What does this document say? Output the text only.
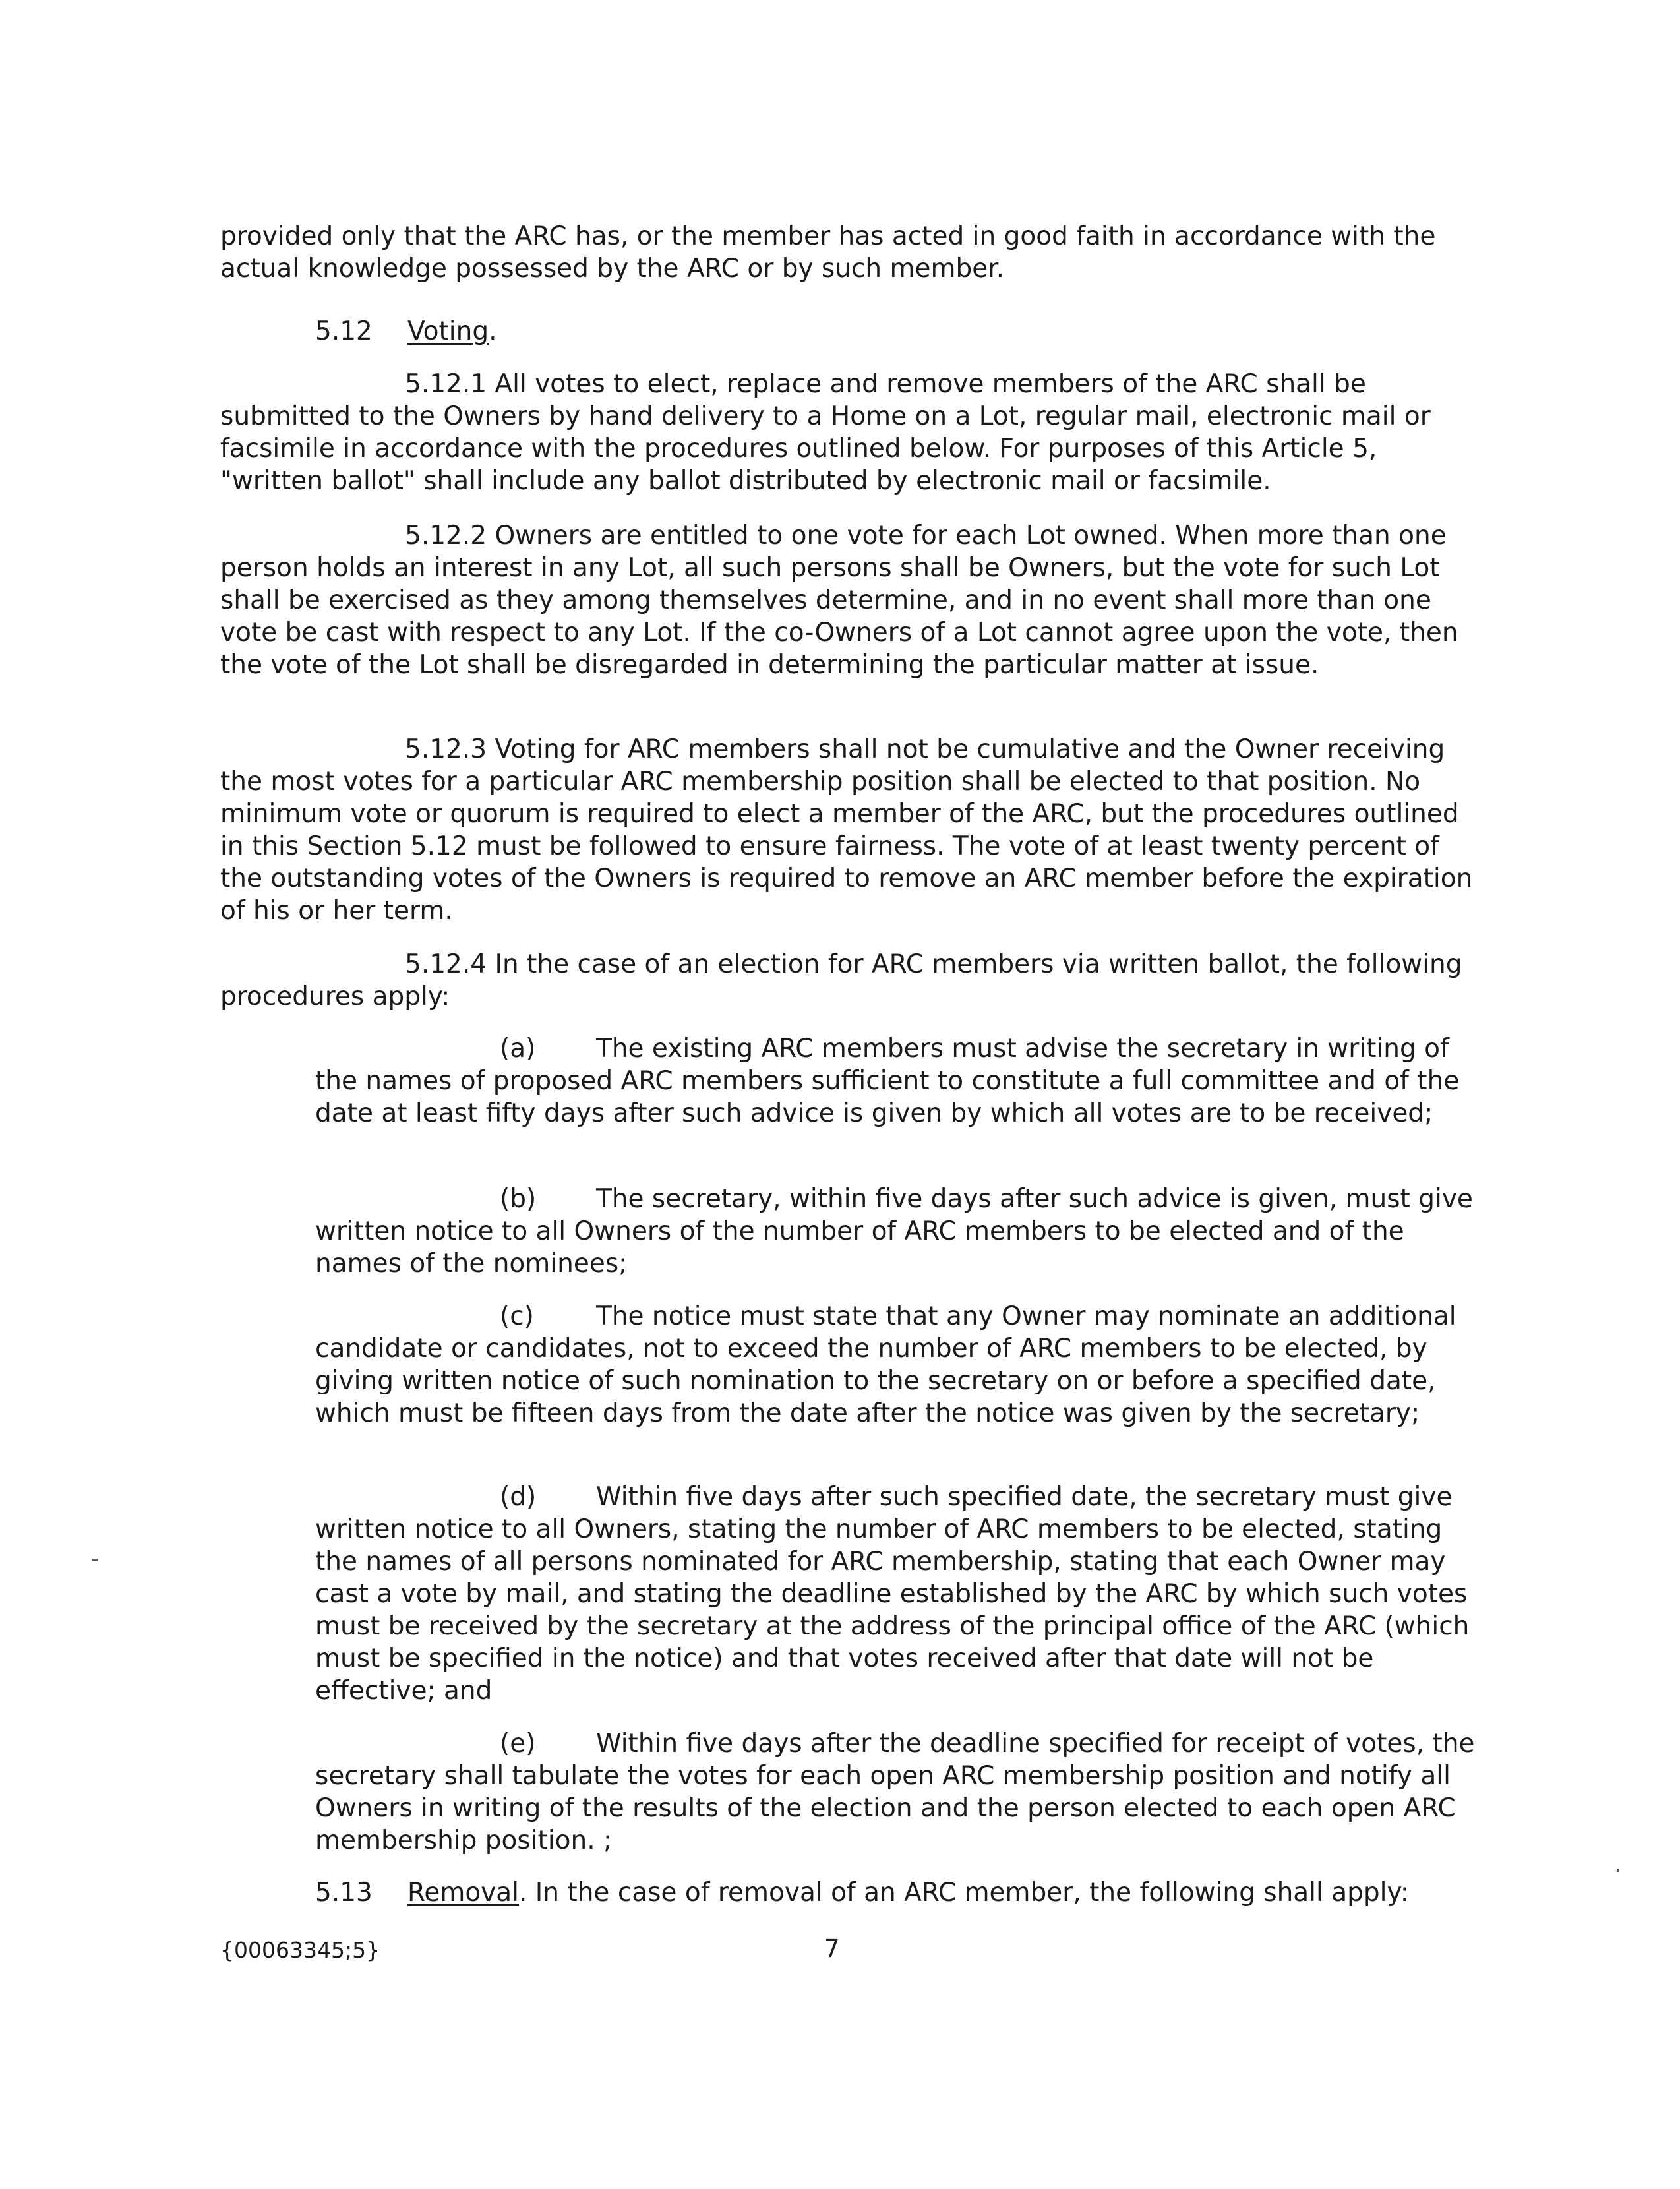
provided only that the ARC has, or the member has acted in good faith in accordance with the actual knowledge possessed by the ARC or by such member.

5.12 Voting.

5.12.1 All votes to elect, replace and remove members of the ARC shall be submitted to the Owners by hand delivery to a Home on a Lot, regular mail, electronic mail or facsimile in accordance with the procedures outlined below. For purposes of this Article 5, "written ballot" shall include any ballot distributed by electronic mail or facsimile.

5.12.2 Owners are entitled to one vote for each Lot owned. When more than one person holds an interest in any Lot, all such persons shall be Owners, but the vote for such Lot shall be exercised as they among themselves determine, and in no event shall more than one vote be cast with respect to any Lot. If the co-Owners of a Lot cannot agree upon the vote, then the vote of the Lot shall be disregarded in determining the particular matter at issue.

5.12.3 Voting for ARC members shall not be cumulative and the Owner receiving the most votes for a particular ARC membership position shall be elected to that position. No minimum vote or quorum is required to elect a member of the ARC, but the procedures outlined in this Section 5.12 must be followed to ensure fairness. The vote of at least twenty percent of the outstanding votes of the Owners is required to remove an ARC member before the expiration of his or her term.

5.12.4 In the case of an election for ARC members via written ballot, the following procedures apply:

(a) The existing ARC members must advise the secretary in writing of the names of proposed ARC members sufficient to constitute a full committee and of the date at least fifty days after such advice is given by which all votes are to be received;

(b) The secretary, within five days after such advice is given, must give written notice to all Owners of the number of ARC members to be elected and of the names of the nominees;

(c) The notice must state that any Owner may nominate an additional candidate or candidates, not to exceed the number of ARC members to be elected, by giving written notice of such nomination to the secretary on or before a specified date, which must be fifteen days from the date after the notice was given by the secretary;

(d) Within five days after such specified date, the secretary must give written notice to all Owners, stating the number of ARC members to be elected, stating the names of all persons nominated for ARC membership, stating that each Owner may cast a vote by mail, and stating the deadline established by the ARC by which such votes must be received by the secretary at the address of the principal office of the ARC (which must be specified in the notice) and that votes received after that date will not be effective; and

(e) Within five days after the deadline specified for receipt of votes, the secretary shall tabulate the votes for each open ARC membership position and notify all Owners in writing of the results of the election and the person elected to each open ARC membership position. ;

5.13 Removal. In the case of removal of an ARC member, the following shall apply:
{00063345;5}	7
